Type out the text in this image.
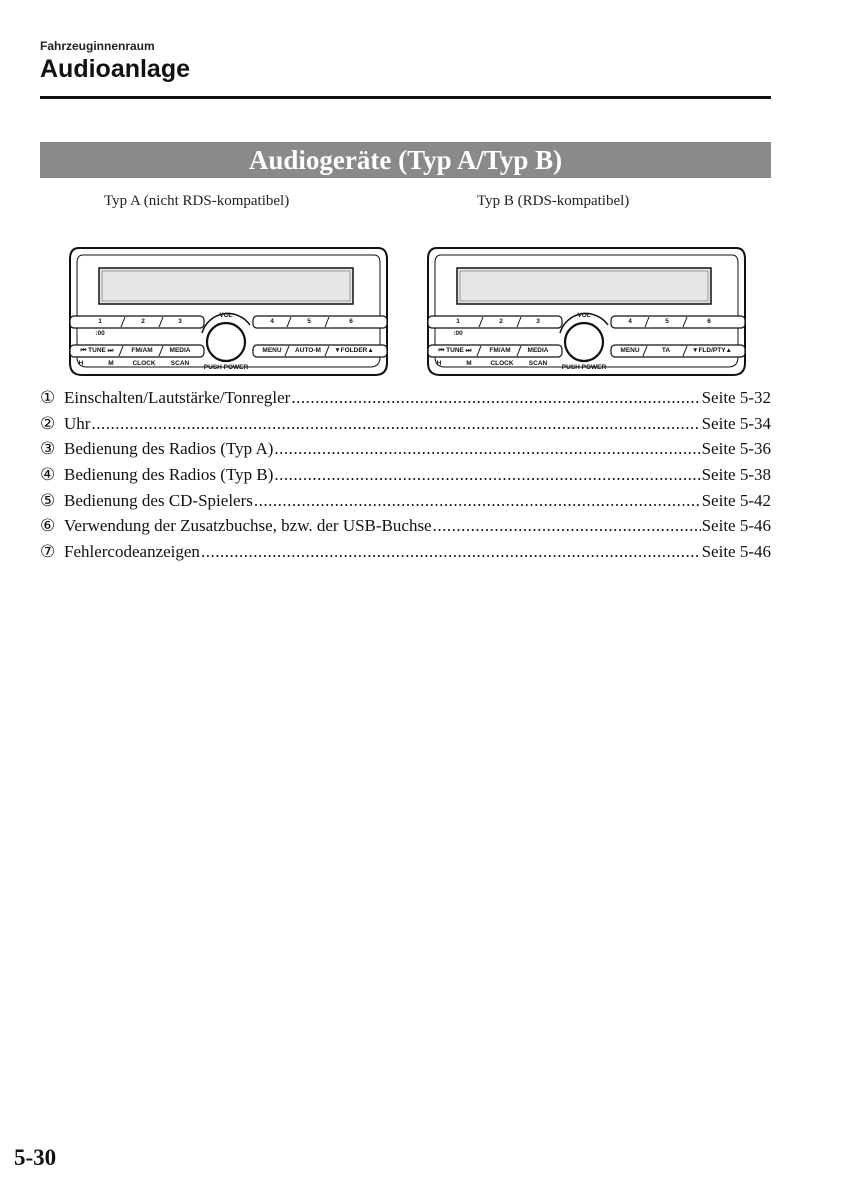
Fahrzeuginnenraum
Audioanlage
Audiogeräte (Typ A/Typ B)
Typ A (nicht RDS-kompatibel)	Typ B (RDS-kompatibel)
1	2	3	4	5	6
:00
VOL
PUSH POWER
⏮ TUNE ⏭	FM/AM	MEDIA	MENU AUTO-M ▼FOLDER▲
H	M	CLOCK SCAN
1	2	3	4	5	6
:00
VOL
PUSH POWER
⏮ TUNE ⏭	FM/AM	MEDIA	MENU	TA	▼FLD/PTY▲
H	M	CLOCK SCAN
① Einschalten/Lautstärke/Tonregler .....	Seite 5-32
② Uhr .....	Seite 5-34
③ Bedienung des Radios (Typ A) .....	Seite 5-36
④ Bedienung des Radios (Typ B) .....	Seite 5-38
⑤ Bedienung des CD-Spielers .....	Seite 5-42
⑥ Verwendung der Zusatzbuchse, bzw. der USB-Buchse .....	Seite 5-46
⑦ Fehlercodeanzeigen .....	Seite 5-46
5-30
